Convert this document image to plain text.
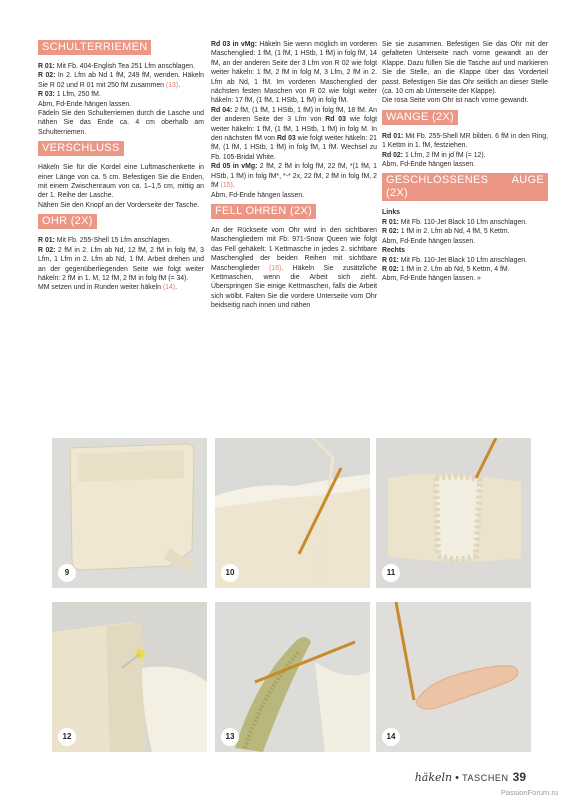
SCHULTERRIEMEN

R 01: Mit Fb. 404-English Tea 251 Lfm anschlagen.

R 02: In 2. Lfm ab Nd 1 fM, 249 fM, wenden. Häkeln Sie R 02 und R 01 mit 250 fM zusammen (13).

R 03: 1 Lfm, 250 fM.

Abm, Fd-Ende hängen lassen.

Fädeln Sie den Schulterriemen durch die Lasche und nähen Sie das Ende ca. 4 cm oberhalb am Schulterriemen.

VERSCHLUSS

Häkeln Sie für die Kordel eine Luftmaschenkette in einer Länge von ca. 5 cm. Befestigen Sie die Enden, mit einem Zwischenraum von ca. 1–1,5 cm, mittig an der 1. Reihe der Lasche.

Nähen Sie den Knopf an der Vorderseite der Tasche.

OHR (2X)

R 01: Mit Fb. 255-Shell 15 Lfm anschlagen.

R 02: 2 fM in 2. Lfm ab Nd, 12 fM, 2 fM in folg fM, 3 Lfm, 1 Lfm in 2. Lfm ab Nd, 1 fM. Arbeit drehen und an der gegenüberliegenden Seite wie folgt weiter häkeln: 2 fM in 1. M, 12 fM, 2 fM in folg fM (= 34).

MM setzen und in Runden weiter häkeln (14).

Rd 03 in vMg: Häkeln Sie wenn möglich im vorderen Maschenglied: 1 fM, (1 fM, 1 HStb, 1 fM) in folg fM, 14 fM, an der anderen Seite der 3 Lfm von R 02 wie folgt weiter häkeln: 1 fM, 2 fM in folg M, 3 Lfm, 2 fM in 2. Lfm ab Nd, 1 fM. Im vorderen Maschenglied der nächsten festen Maschen von R 02 wie folgt weiter häkeln: 17 fM, (1 fM, 1 HStb, 1 fM) in folg fM.

Rd 04: 2 fM, (1 fM, 1 HStb, 1 fM) in folg fM, 18 fM. An der anderen Seite der 3 Lfm von Rd 03 wie folgt weiter häkeln: 1 fM, (1 fM, 1 HStb, 1 fM) in folg M. In den nächsten fM von Rd 03 wie folgt weiter häkeln: 21 fM, (1 fM, 1 HStb, 1 fM) in folg fM, 1 fM. Wechsel zu Fb. 105-Bridal White.

Rd 05 in vMg: 2 fM, 2 fM in folg fM, 22 fM, *(1 fM, 1 HStb, 1 fM) in folg fM*, *-* 2x, 22 fM, 2 fM in folg fM, 2 fM (15).

Abm, Fd-Ende hängen lassen.

FELL OHREN (2X)

An der Rückseite vom Ohr wird in den sichtbaren Maschengliedern mit Fb. 971-Snow Queen wie folgt das Fell gehäkelt: 1 Kettmasche in jedes 2. sichtbare Maschenglied der beiden Reihen mit sichtbare Maschenglieder (16). Häkeln Sie zusätzliche Kettmaschen, wenn die Arbeit sich zieht. Überspringen Sie einige Kettmaschen, falls die Arbeit sich wölbt. Falten Sie die vordere Unterseite vom Ohr beidseitig nach innen und nähen

Sie sie zusammen. Befestigen Sie das Ohr mit der gefalteten Unterseite nach vorne gewandt an der Klappe. Dazu füllen Sie die Tasche auf und markieren Sie die Stelle, an die Klappe über das Vorderteil passt. Befestigen Sie das Ohr seitlich an dieser Stelle (ca. 10 cm ab Unterseite der Klappe).

Die rosa Seite vom Ohr ist nach vorne gewandt.

WANGE (2X)

Rd 01: Mit Fb. 255-Shell MR bilden. 6 fM in den Ring, 1 Kettm in 1. fM, festziehen.

Rd 02: 1 Lfm, 2 fM in jd fM (= 12).

Abm, Fd-Ende hängen lassen.

GESCHLOSSENES AUGE (2X)

Links

R 01: Mit Fb. 110-Jet Black 10 Lfm anschlagen.

R 02: 1 fM in 2. Lfm ab Nd, 4 fM, 5 Kettm.

Abm, Fd-Ende hängen lassen.

Rechts

R 01: Mit Fb. 110-Jet Black 10 Lfm anschlagen.

R 02: 1 fM in 2. Lfm ab Nd, 5 Kettm, 4 fM.

Abm, Fd-Ende hängen lassen. »

9	10	11
12	13	14
häkeln • TASCHEN 39
PassionForum.ru
